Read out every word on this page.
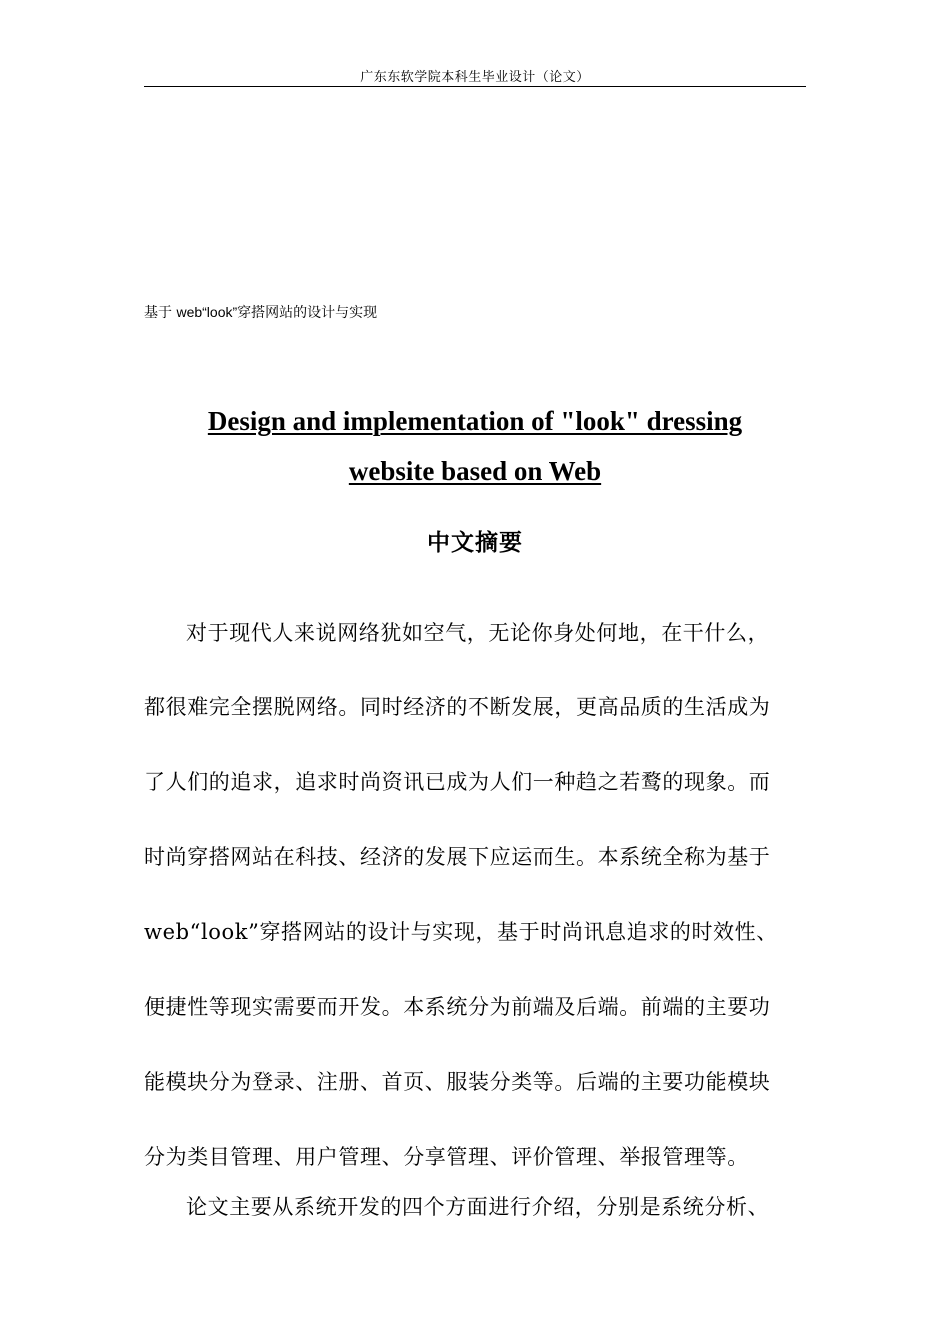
广东东软学院本科生毕业设计（论文）
基于 web“look”穿搭网站的设计与实现
Design and implementation of "look" dressing
website based on Web
中文摘要
对于现代人来说网络犹如空气，无论你身处何地，在干什么，
都很难完全摆脱网络。同时经济的不断发展，更高品质的生活成为
了人们的追求，追求时尚资讯已成为人们一种趋之若鹜的现象。而
时尚穿搭网站在科技、经济的发展下应运而生。本系统全称为基于
web“look”穿搭网站的设计与实现，基于时尚讯息追求的时效性、
便捷性等现实需要而开发。本系统分为前端及后端。前端的主要功
能模块分为登录、注册、首页、服装分类等。后端的主要功能模块
分为类目管理、用户管理、分享管理、评价管理、举报管理等。
论文主要从系统开发的四个方面进行介绍，分别是系统分析、
